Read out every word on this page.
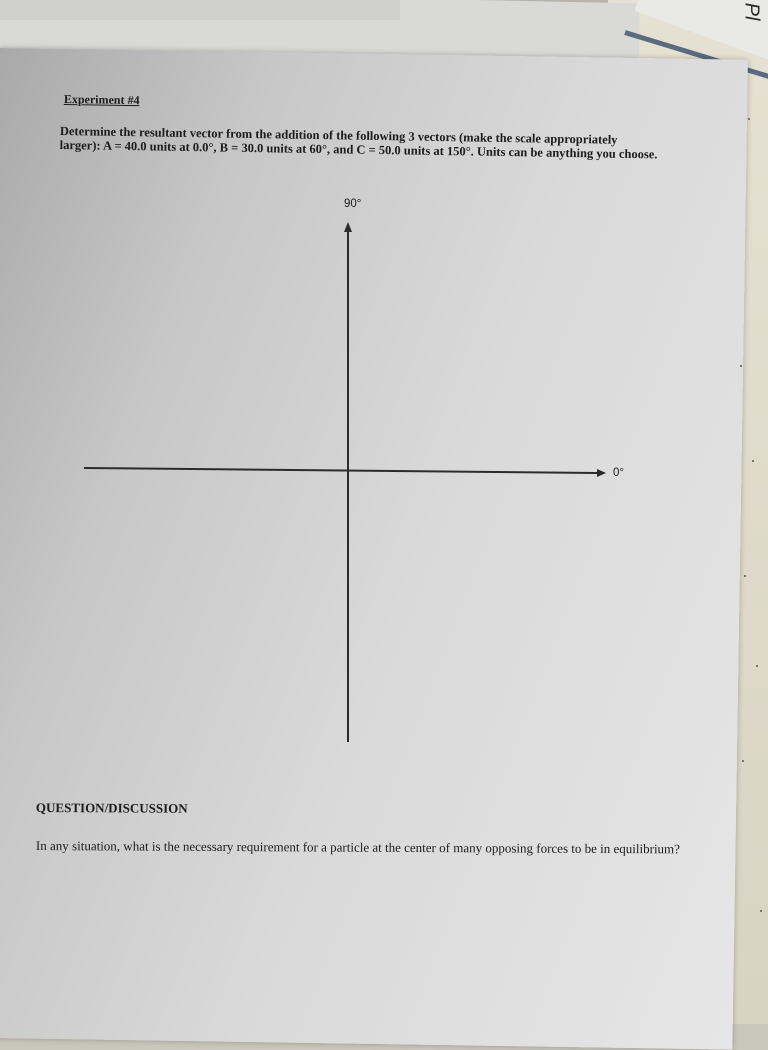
Pl
Experiment #4
Determine the resultant vector from the addition of the following 3 vectors (make the scale appropriately larger): A = 40.0 units at 0.0°, B = 30.0 units at 60°, and C = 50.0 units at 150°. Units can be anything you choose.
90°
0°
QUESTION/DISCUSSION
In any situation, what is the necessary requirement for a particle at the center of many opposing forces to be in equilibrium?
